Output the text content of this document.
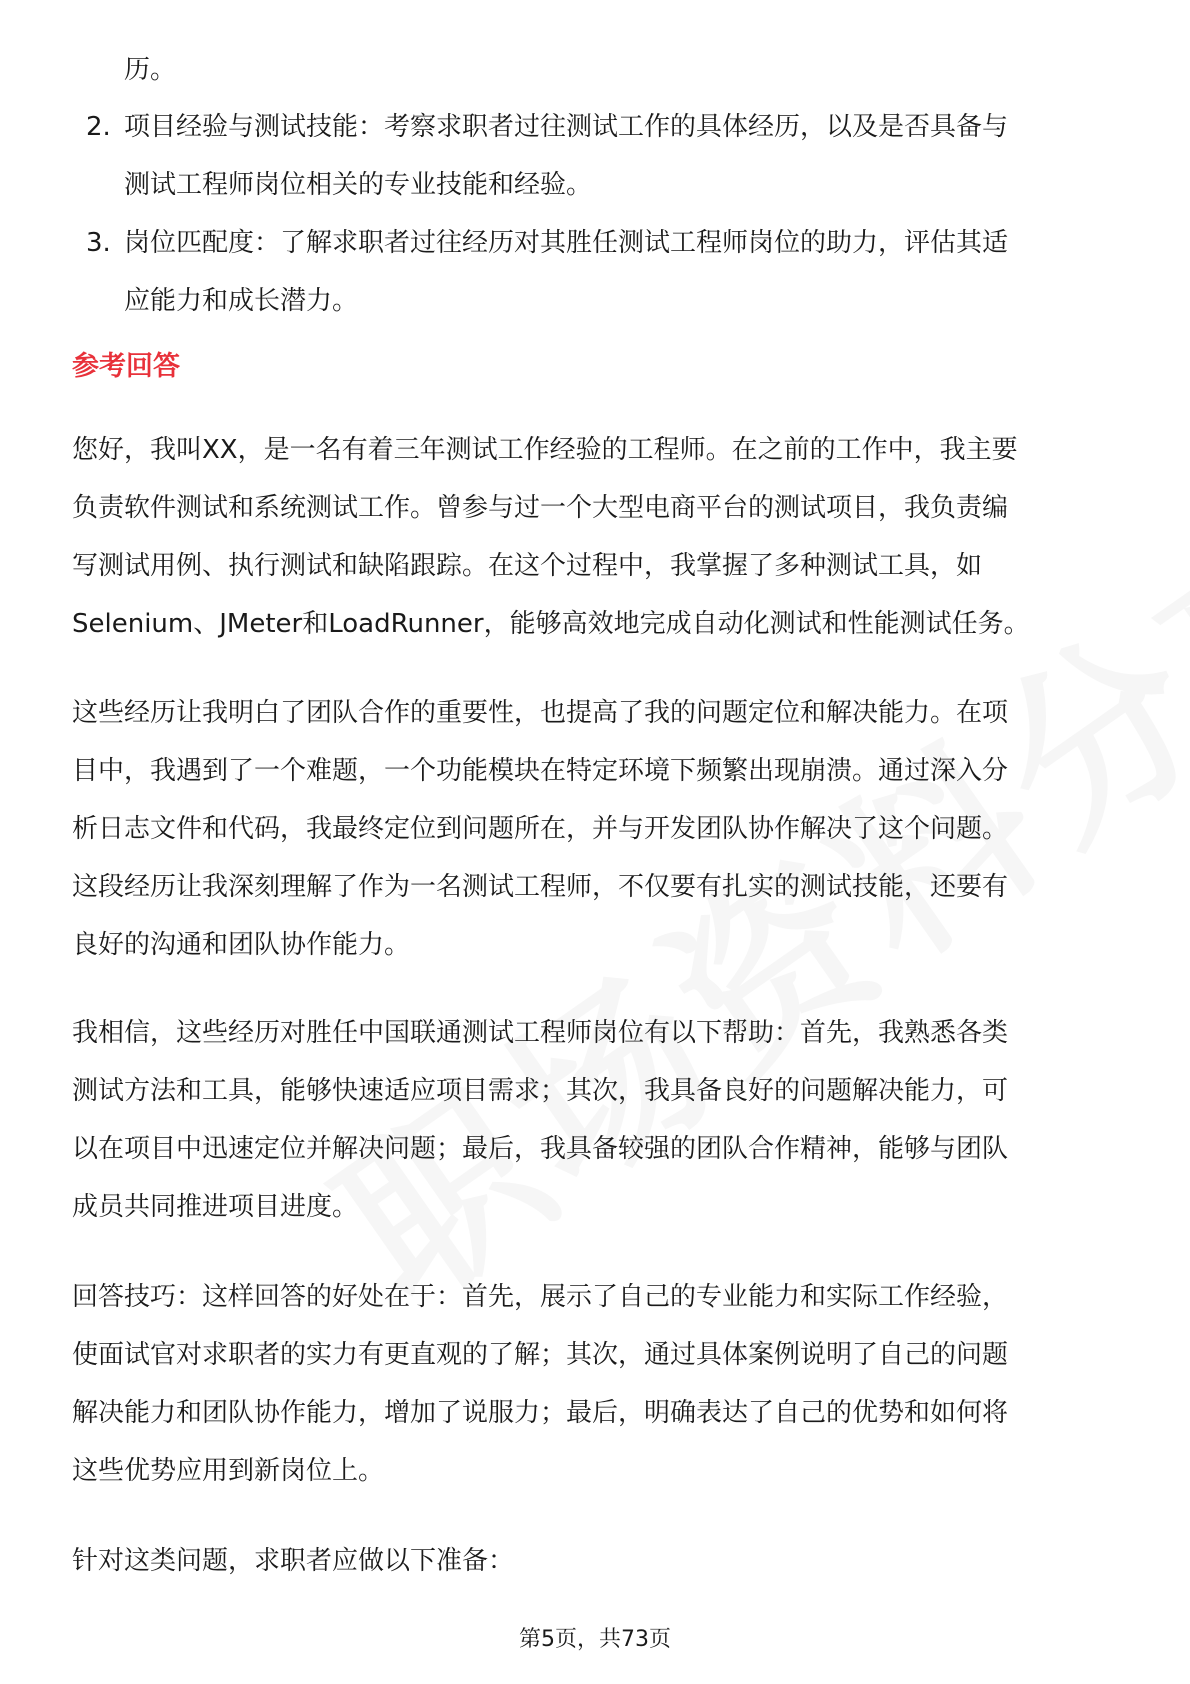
历。

2. 项目经验与测试技能：考察求职者过往测试工作的具体经历，以及是否具备与

测试工程师岗位相关的专业技能和经验。

3. 岗位匹配度：了解求职者过往经历对其胜任测试工程师岗位的助力，评估其适

应能力和成长潜力。

参考回答

您好，我叫XX，是一名有着三年测试工作经验的工程师。在之前的工作中，我主要

负责软件测试和系统测试工作。曾参与过一个大型电商平台的测试项目，我负责编

写测试用例、执行测试和缺陷跟踪。在这个过程中，我掌握了多种测试工具，如

Selenium、JMeter和LoadRunner，能够高效地完成自动化测试和性能测试任务。

这些经历让我明白了团队合作的重要性，也提高了我的问题定位和解决能力。在项

目中，我遇到了一个难题，一个功能模块在特定环境下频繁出现崩溃。通过深入分

析日志文件和代码，我最终定位到问题所在，并与开发团队协作解决了这个问题。

这段经历让我深刻理解了作为一名测试工程师，不仅要有扎实的测试技能，还要有

良好的沟通和团队协作能力。

我相信，这些经历对胜任中国联通测试工程师岗位有以下帮助：首先，我熟悉各类

测试方法和工具，能够快速适应项目需求；其次，我具备良好的问题解决能力，可

以在项目中迅速定位并解决问题；最后，我具备较强的团队合作精神，能够与团队

成员共同推进项目进度。

回答技巧：这样回答的好处在于：首先，展示了自己的专业能力和实际工作经验，

使面试官对求职者的实力有更直观的了解；其次，通过具体案例说明了自己的问题

解决能力和团队协作能力，增加了说服力；最后，明确表达了自己的优势和如何将

这些优势应用到新岗位上。

针对这类问题，求职者应做以下准备：

第5页，共73页
